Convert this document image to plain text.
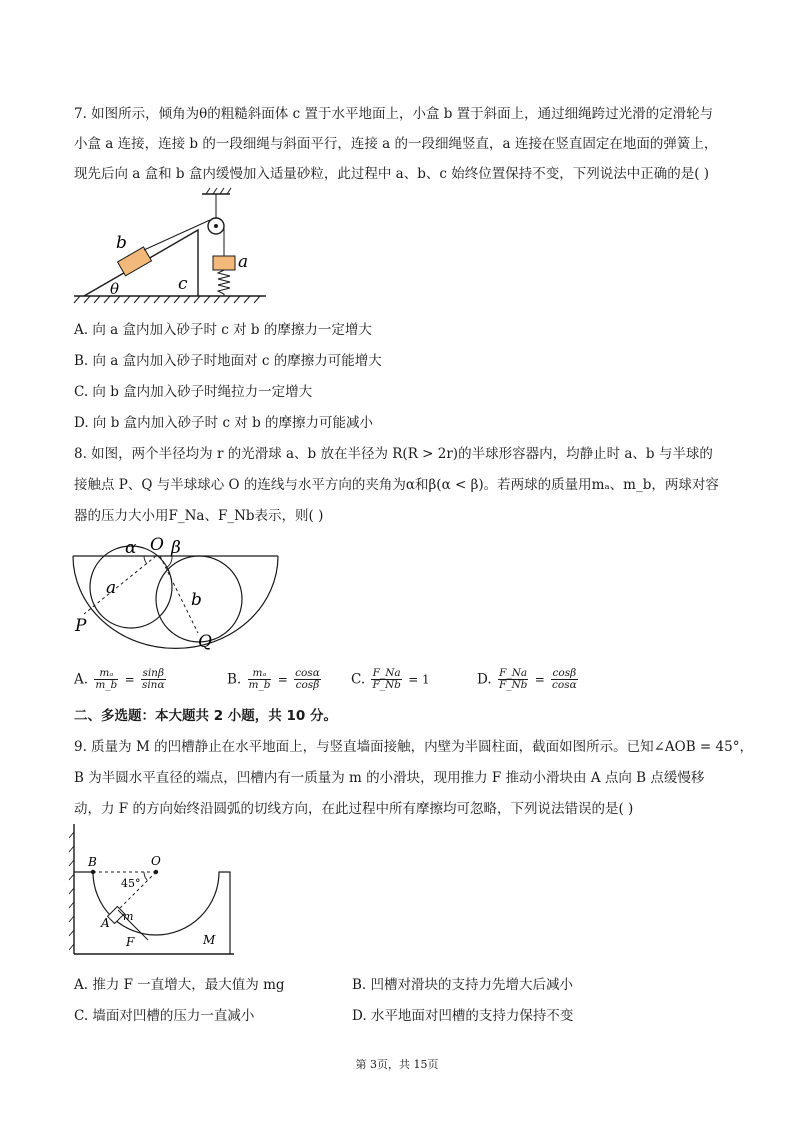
7. 如图所示，倾角为θ的粗糙斜面体 c 置于水平地面上，小盒 b 置于斜面上，通过细绳跨过光滑的定滑轮与
小盒 a 连接，连接 b 的一段细绳与斜面平行，连接 a 的一段细绳竖直，a 连接在竖直固定在地面的弹簧上，
现先后向 a 盒和 b 盒内缓慢加入适量砂粒，此过程中 a、b、c 始终位置保持不变，下列说法中正确的是( )
b
a
c
θ
A. 向 a 盒内加入砂子时 c 对 b 的摩擦力一定增大
B. 向 a 盒内加入砂子时地面对 c 的摩擦力可能增大
C. 向 b 盒内加入砂子时绳拉力一定增大
D. 向 b 盒内加入砂子时 c 对 b 的摩擦力可能减小
8. 如图，两个半径均为 r 的光滑球 a、b 放在半径为 R(R > 2r)的半球形容器内，均静止时 a、b 与半球的
接触点 P、Q 与半球球心 O 的连线与水平方向的夹角为α和β(α < β)。若两球的质量用mₐ、m_b，两球对容
器的压力大小用F_Na、F_Nb表示，则( )
α O β
a
b
P
Q
A. $\frac{\text{mₐ}}{m\_b} = \frac{\sin\beta}{\sin\alpha}$	B. $\frac{\text{mₐ}}{m\_b} = \frac{\cos\alpha}{\cos\beta} C$. $\frac{F\_Na}{F\_Nb} = 1$	D. $\frac{F\_Na}{F\_Nb} = \frac{\cos\beta}{\cos\alpha}$
二、多选题：本大题共 2 小题，共 10 分。
9. 质量为 M 的凹槽静止在水平地面上，与竖直墙面接触，内壁为半圆柱面，截面如图所示。已知∠AOB = 45°，
B 为半圆水平直径的端点，凹槽内有一质量为 m 的小滑块，现用推力 F 推动小滑块由 A 点向 B 点缓慢移
动，力 F 的方向始终沿圆弧的切线方向，在此过程中所有摩擦均可忽略，下列说法错误的是( )
B	O
45°
m
A
F	M
A. 推力 F 一直增大，最大值为 mg	B. 凹槽对滑块的支持力先增大后减小
C. 墙面对凹槽的压力一直减小	D. 水平地面对凹槽的支持力保持不变
第 3页，共 15页
